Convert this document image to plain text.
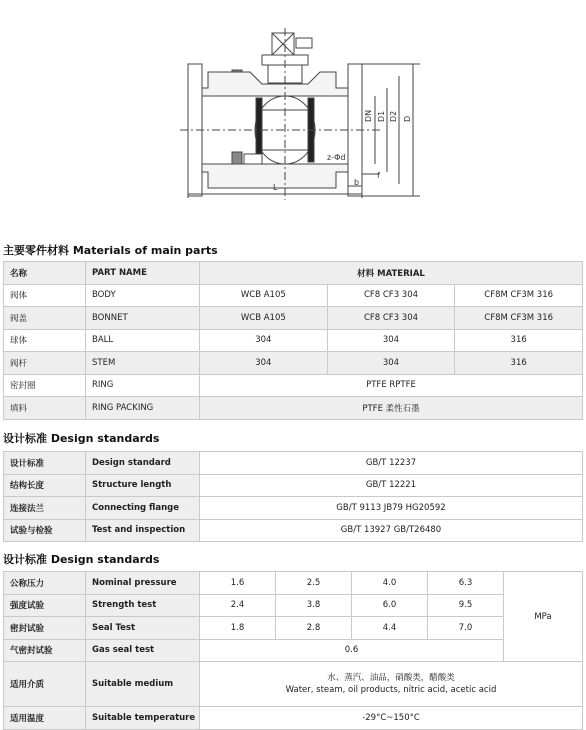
DN D1 D2 D
z-Φd
b
f
L
主要零件材料 Materials of main parts
名称	PART NAME	材料 MATERIAL		
阀体	BODY	WCB A105	CF8 CF3 304	CF8M CF3M 316
阀盖	BONNET	WCB A105	CF8 CF3 304	CF8M CF3M 316
球体	BALL	304	304	316
阀杆	STEM	304	304	316
密封圈	RING	PTFE RPTFE		
填料	RING PACKING	PTFE 柔性石墨		
设计标准 Design standards
设计标准	Design standard	GB/T 12237
结构长度	Structure length	GB/T 12221
连接法兰	Connecting flange	GB/T 9113 JB79 HG20592
试验与检验	Test and inspection	GB/T 13927 GB/T26480
设计标准 Design standards
公称压力	Nominal pressure	1.6	2.5	4.0	6.3	MPa
强度试验	Strength test	2.4	3.8	6.0	9.5	
密封试验	Seal Test	1.8	2.8	4.4	7.0	
气密封试验	Gas seal test	0.6				
适用介质	Suitable medium	水、蒸汽、油品，硝酸类，醋酸类
Water, steam, oil products, nitric acid, acetic acid				

适用温度	Suitable temperature	-29°C~150°C				
